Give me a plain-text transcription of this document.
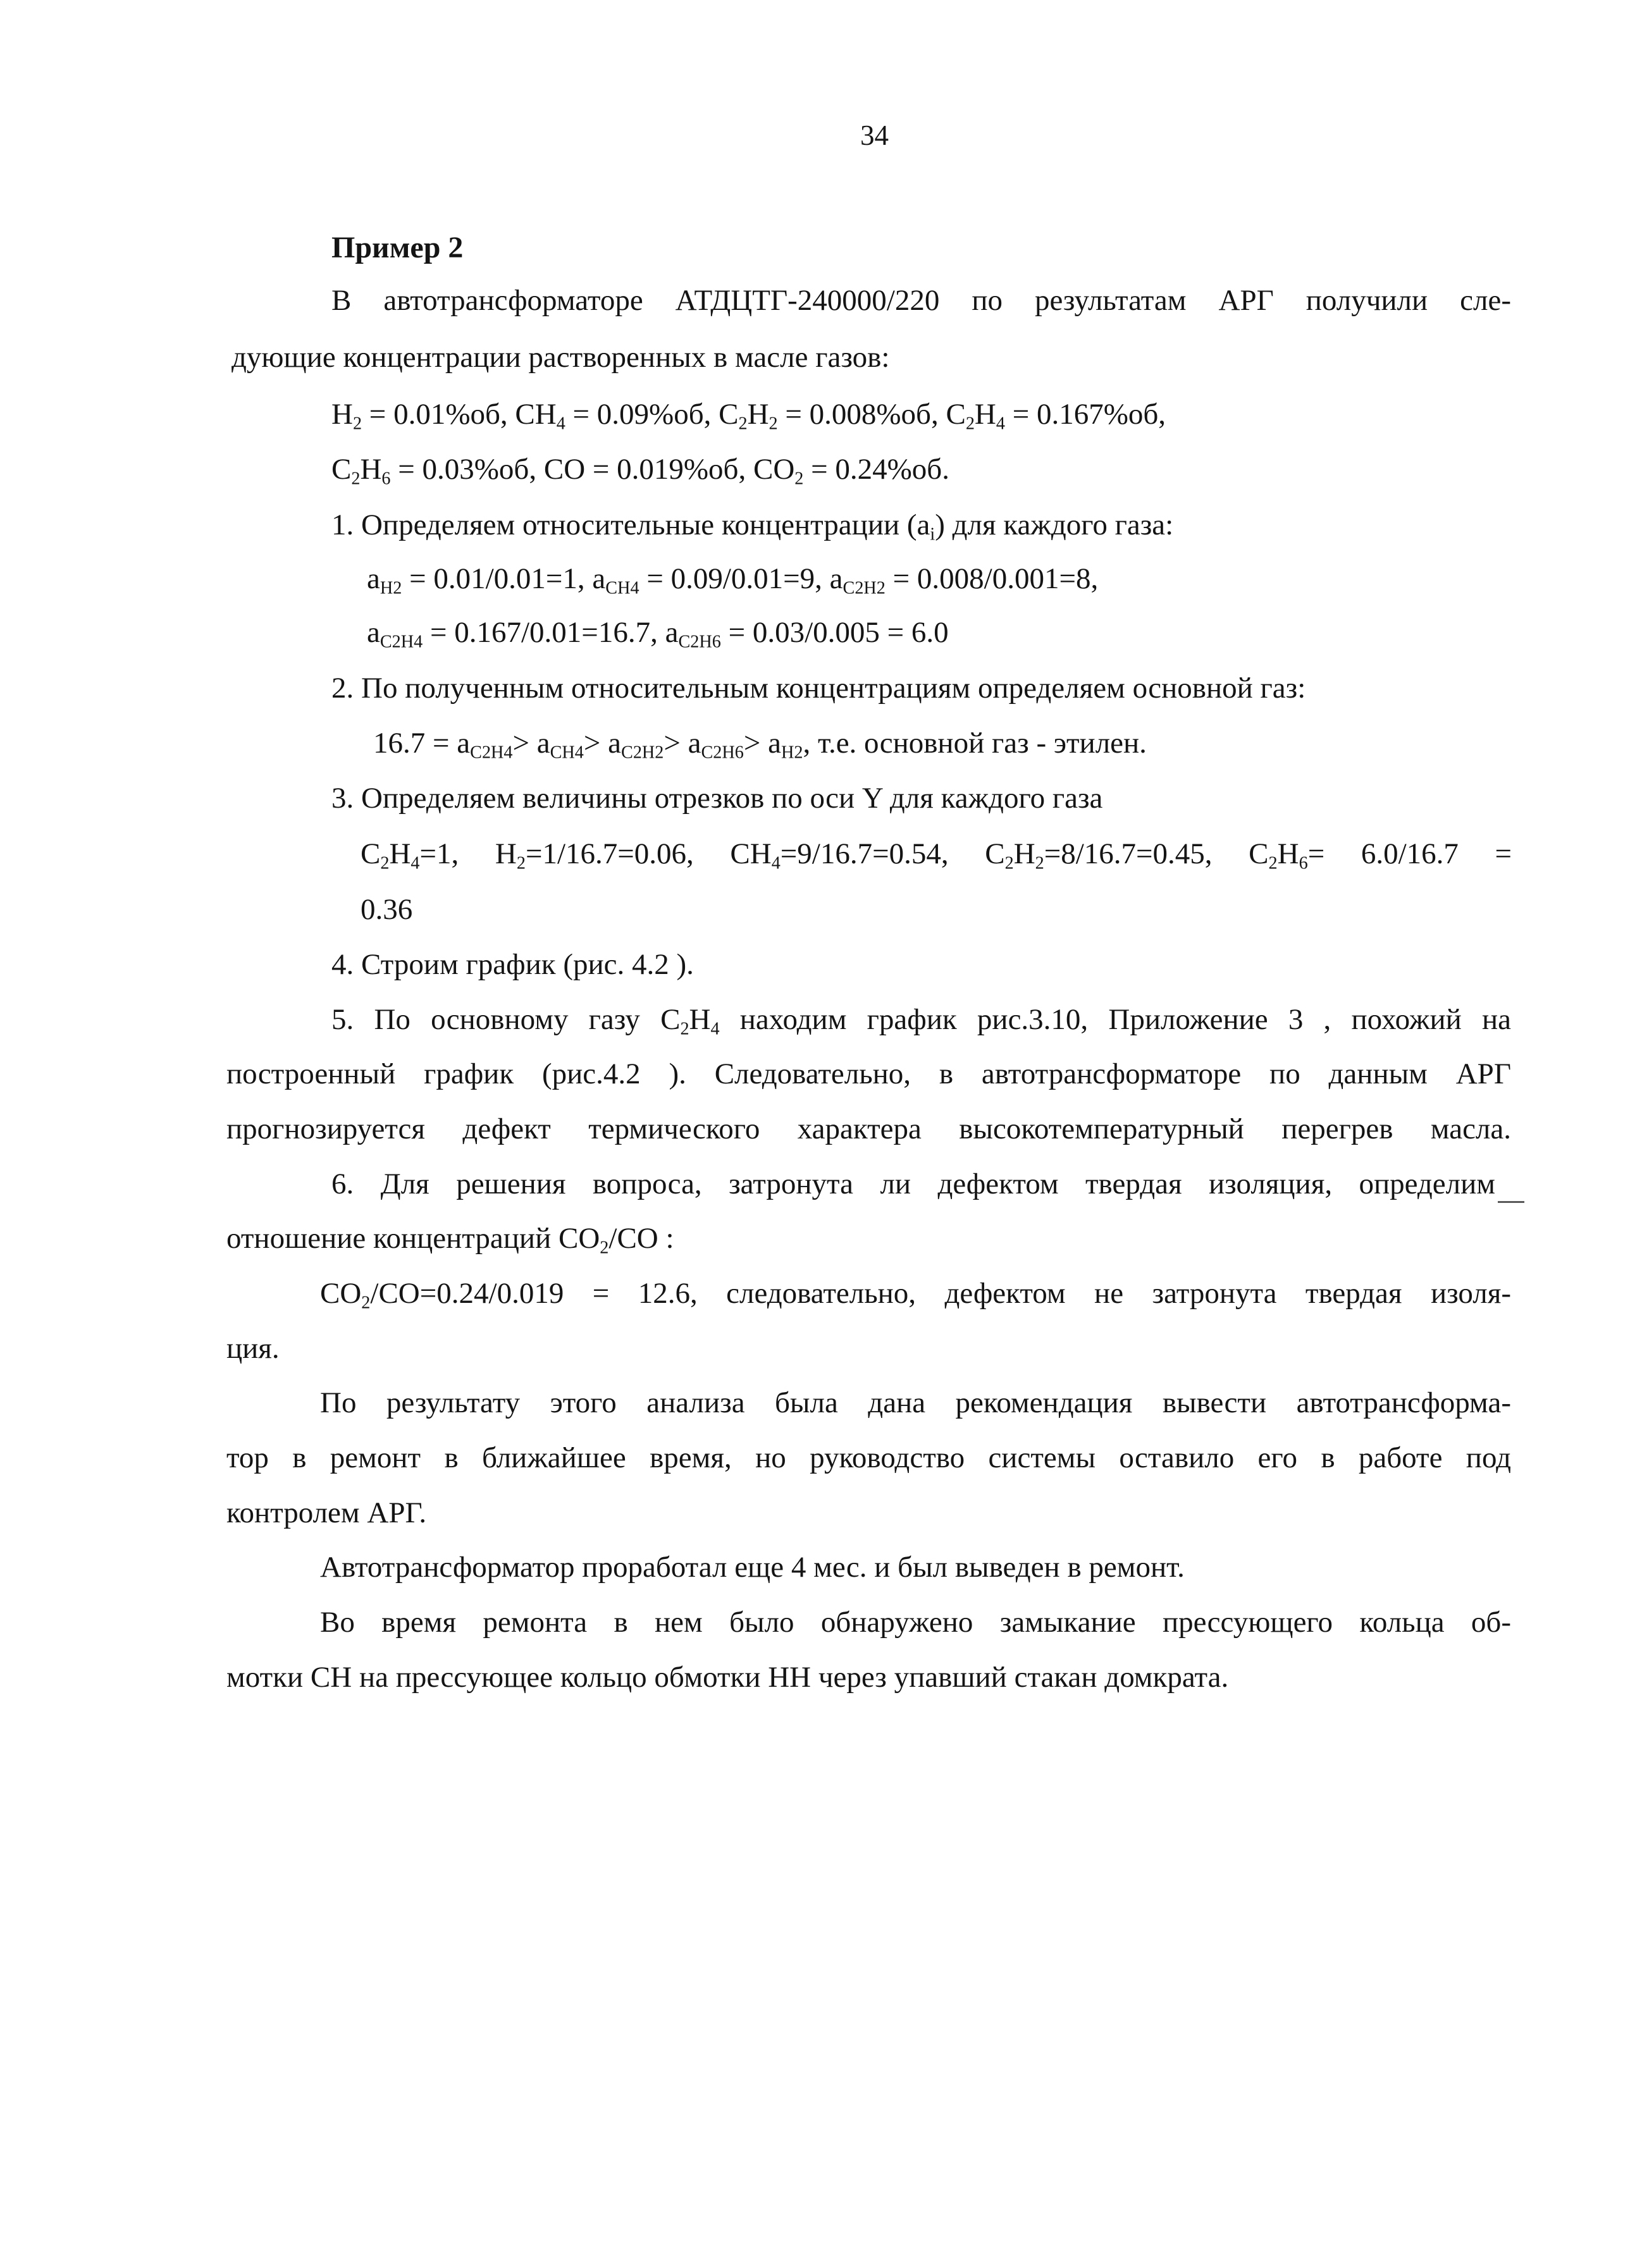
34
Пример 2
В автотрансформаторе АТДЦТГ-240000/220 по результатам АРГ получили сле-
дующие концентрации растворенных в масле газов:
$H_2 = 0.01\%об$, $CH_4 = 0.09\%об$, $C_2H_2 = 0.008\%об$, $C_2H_4 = 0.167\%об$,
$C_2H_6 = 0.03\%об$, CO = 0.019%об, $CO_2 = 0.24\%об$.
1. Определяем относительные концентрации $(a_i)$ для каждого газа:
$a_{H2} = 0.01/0.01=1$, $a_{CH4} = 0.09/0.01=9$, $a_{C2H2} = 0.008/0.001=8$,
$a_{C2H4} = 0.167/0.01=16.7$, $a_{C2H6} = 0.03/0.005 = 6.0$
2. По полученным относительным концентрациям определяем основной газ:
$16.7 = a_{C2H4}> a_{CH4}> a_{C2H2}> a_{C2H6}> a_{H2}$, т.е. основной газ - этилен.
3. Определяем величины отрезков по оси Y для каждого газа
$C_2H_4=1$, $H_2=1/16.7=0.06$, $CH_4=9/16.7=0.54$, $C_2H_2=8/16.7=0.45$, $C_2H_6= 6.0/16.7$ =
0.36
4. Строим график (рис. 4.2 ).
5. По основному газу $C_2H_4$ находим график рис.3.10, Приложение 3 , похожий на
построенный график (рис.4.2 ). Следовательно, в автотрансформаторе по данным АРГ
прогнозируется дефект термического характера высокотемпературный перегрев масла.
6. Для решения вопроса, затронута ли дефектом твердая изоляция, определим
отношение концентраций $CO_2/CO$ :
$CO_2/CO=0.24/0.019 = 12.6$, следовательно, дефектом не затронута твердая изоля-
ция.
По результату этого анализа была дана рекомендация вывести автотрансформа-
тор в ремонт в ближайшее время, но руководство системы оставило его в работе под
контролем АРГ.
Автотрансформатор проработал еще 4 мес. и был выведен в ремонт.
Во время ремонта в нем было обнаружено замыкание прессующего кольца об-
мотки СН на прессующее кольцо обмотки НН через упавший стакан домкрата.
